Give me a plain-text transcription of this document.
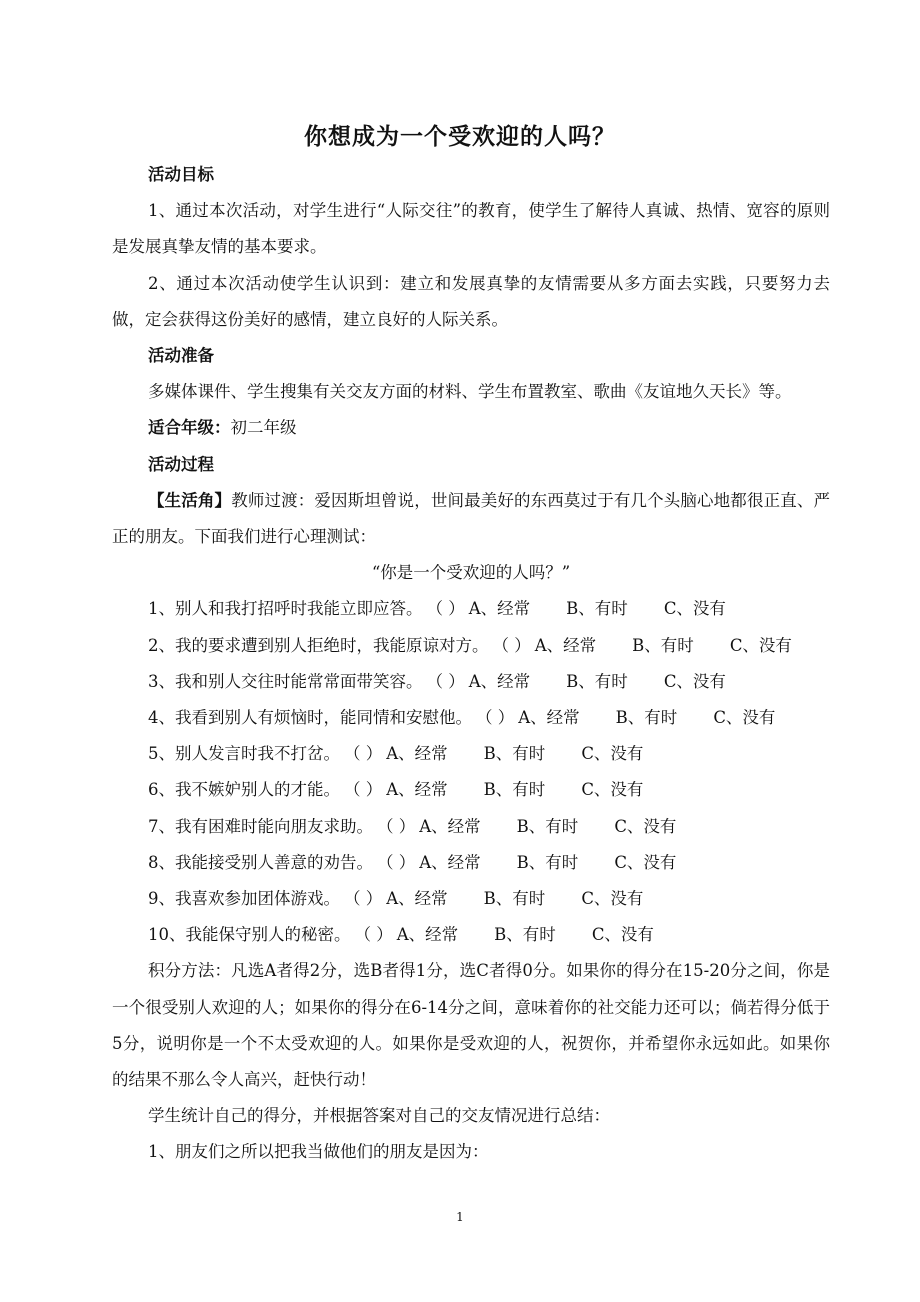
你想成为一个受欢迎的人吗？

活动目标

1、通过本次活动，对学生进行“人际交往”的教育，使学生了解待人真诚、热情、宽容的原则是发展真挚友情的基本要求。

2、通过本次活动使学生认识到：建立和发展真挚的友情需要从多方面去实践，只要努力去做，定会获得这份美好的感情，建立良好的人际关系。

活动准备

多媒体课件、学生搜集有关交友方面的材料、学生布置教室、歌曲《友谊地久天长》等。

适合年级：初二年级

活动过程

【生活角】教师过渡：爱因斯坦曾说，世间最美好的东西莫过于有几个头脑心地都很正直、严正的朋友。下面我们进行心理测试：

“你是一个受欢迎的人吗？”

1、别人和我打招呼时我能立即应答。 （ ） A、经常 B、有时 C、没有
2、我的要求遭到别人拒绝时，我能原谅对方。 （ ） A、经常 B、有时 C、没有
3、我和别人交往时能常常面带笑容。 （ ） A、经常 B、有时 C、没有
4、我看到别人有烦恼时，能同情和安慰他。 （ ） A、经常 B、有时 C、没有
5、别人发言时我不打岔。 （ ） A、经常 B、有时 C、没有
6、我不嫉妒别人的才能。 （ ） A、经常 B、有时 C、没有
7、我有困难时能向朋友求助。 （ ） A、经常 B、有时 C、没有
8、我能接受别人善意的劝告。 （ ） A、经常 B、有时 C、没有
9、我喜欢参加团体游戏。 （ ） A、经常 B、有时 C、没有
10、我能保守别人的秘密。 （ ） A、经常 B、有时 C、没有

积分方法：凡选A者得2分，选B者得1分，选C者得0分。如果你的得分在15-20分之间，你是一个很受别人欢迎的人；如果你的得分在6-14分之间，意味着你的社交能力还可以；倘若得分低于5分，说明你是一个不太受欢迎的人。如果你是受欢迎的人，祝贺你，并希望你永远如此。如果你的结果不那么令人高兴，赶快行动！

学生统计自己的得分，并根据答案对自己的交友情况进行总结：

1、朋友们之所以把我当做他们的朋友是因为：

1
